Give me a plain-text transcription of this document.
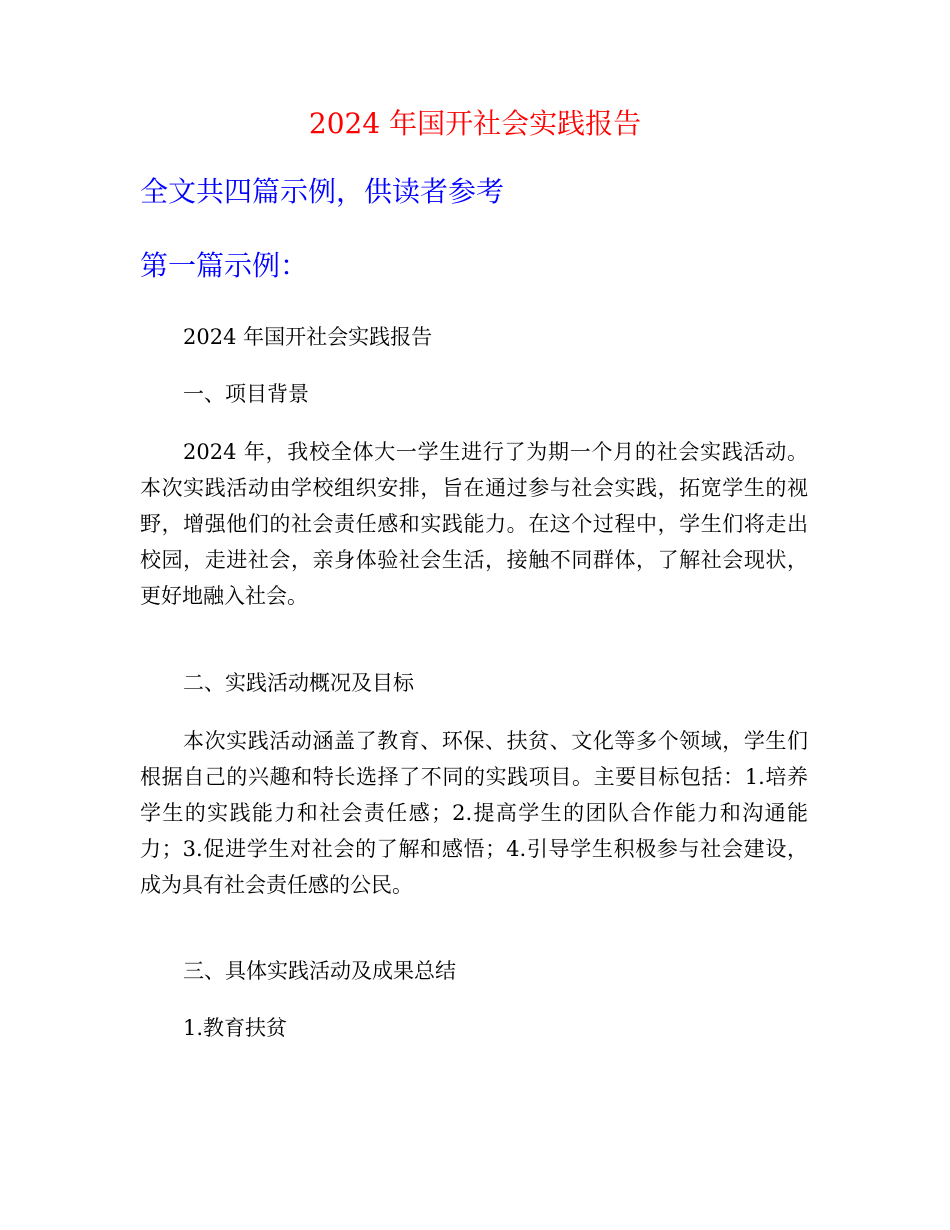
2024 年国开社会实践报告
全文共四篇示例，供读者参考
第一篇示例：

2024 年国开社会实践报告

一、项目背景

2024 年，我校全体大一学生进行了为期一个月的社会实践活动。本次实践活动由学校组织安排，旨在通过参与社会实践，拓宽学生的视野，增强他们的社会责任感和实践能力。在这个过程中，学生们将走出校园，走进社会，亲身体验社会生活，接触不同群体，了解社会现状，更好地融入社会。

二、实践活动概况及目标

本次实践活动涵盖了教育、环保、扶贫、文化等多个领域，学生们根据自己的兴趣和特长选择了不同的实践项目。主要目标包括：1.培养学生的实践能力和社会责任感；2.提高学生的团队合作能力和沟通能力；3.促进学生对社会的了解和感悟；4.引导学生积极参与社会建设，成为具有社会责任感的公民。

三、具体实践活动及成果总结

1.教育扶贫
